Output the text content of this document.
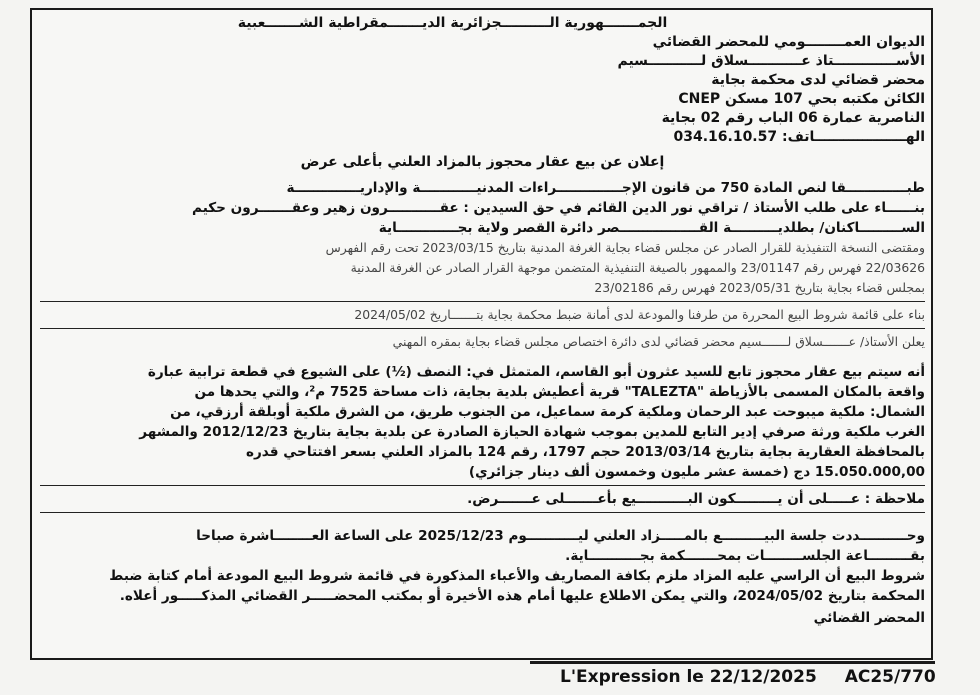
الجمـــــــهورية الــــــــــجزائرية الديـــــــمقراطية الشـــــــعبية
الديوان العمــــــــومي للمحضر القضائي
الأســـــــــــــتاذ عـــــــــــسلاق لـــــــــــسيم
محضر قضائي لدى محكمة بجاية
الكائن مكتبه بحي 107 مسكن CNEP
الناصرية عمارة 06 الباب رقم 02 بجاية
الهـــــــــــــــــــاتف: 034.16.10.57
إعلان عن بيع عقار محجوز بالمزاد العلني بأعلى عرض
طبـــــــــــــقا لنص المادة 750 من قانون الإجــــــــــــــراءات المدنيــــــــــــة والإداريــــــــــــــة
بنــــــاء على طلب الأستاذ / تراقي نور الدين القائم في حق السيدين : عقـــــــــــرون زهير وعقـــــــرون حكيم
الســـــــــاكنان/ بطلديــــــــــة القـــــــــــــــــصر دائرة القصر ولاية بجـــــــــــــاية
ومقتضى النسخة التنفيذية للقرار الصادر عن مجلس قضاء بجاية الغرفة المدنية بتاريخ 2023/03/15 تحت رقم الفهرس
22/03626 فهرس رقم 23/01147 والممهور بالصيغة التنفيذية المتضمن موجهة القرار الصادر عن الغرفة المدنية
بمجلس قضاء بجاية بتاريخ 2023/05/31 فهرس رقم 23/02186
بناء على قائمة شروط البيع المحررة من طرفنا والمودعة لدى أمانة ضبط محكمة بجاية بتـــــــاريخ 2024/05/02
يعلن الأستاذ/ عـــــــسلاق لـــــــسيم محضر قضائي لدى دائرة اختصاص مجلس قضاء بجاية بمقره المهني
أنه سيتم بيع عقار محجوز تابع للسيد عثرون أبو القاسم، المتمثل في: النصف (½) على الشيوع في قطعة ترابية عبارة
واقعة بالمكان المسمى بالأزياطة "TALEZTA" قرية أعطيش بلدية بجاية، ذات مساحة 7525 م²، والتي يحدها من
الشمال: ملكية ميبوحت عبد الرحمان وملكية كرمة سماعيل، من الجنوب طريق، من الشرق ملكية أوبلقة أرزقي، من
الغرب ملكية ورثة صرفي إدير التابع للمدين بموجب شهادة الحيازة الصادرة عن بلدية بجاية بتاريخ 2012/12/23 والمشهر
بالمحافظة العقارية بجاية بتاريخ 2013/03/14 حجم 1797، رقم 124 بالمزاد العلني بسعر افتتاحي قدره
15.050.000,00 دج (خمسة عشر مليون وخمسون ألف دينار جزائري)
ملاحظة : عـــــلى أن يـــــــــكون البـــــــــــيع بأعـــــــلى عـــــــرض.
وحــــــــــددت جلسة البيـــــــــع بالمـــــزاد العلني ليـــــــــــوم 2025/12/23 على الساعة العــــــــاشرة صباحا
بقـــــــــاعة الجلســــــــات بمحـــــــكمة بجـــــــــــاية.
شروط البيع أن الراسي عليه المزاد ملزم بكافة المصاريف والأعباء المذكورة في قائمة شروط البيع المودعة أمام كتابة ضبط
المحكمة بتاريخ 2024/05/02، والتي يمكن الاطلاع عليها أمام هذه الأخيرة أو بمكتب المحضـــــر القضائي المذكـــــور أعلاه.
المحضر القضائي
L'Expression le 22/12/2025 AC25/770
